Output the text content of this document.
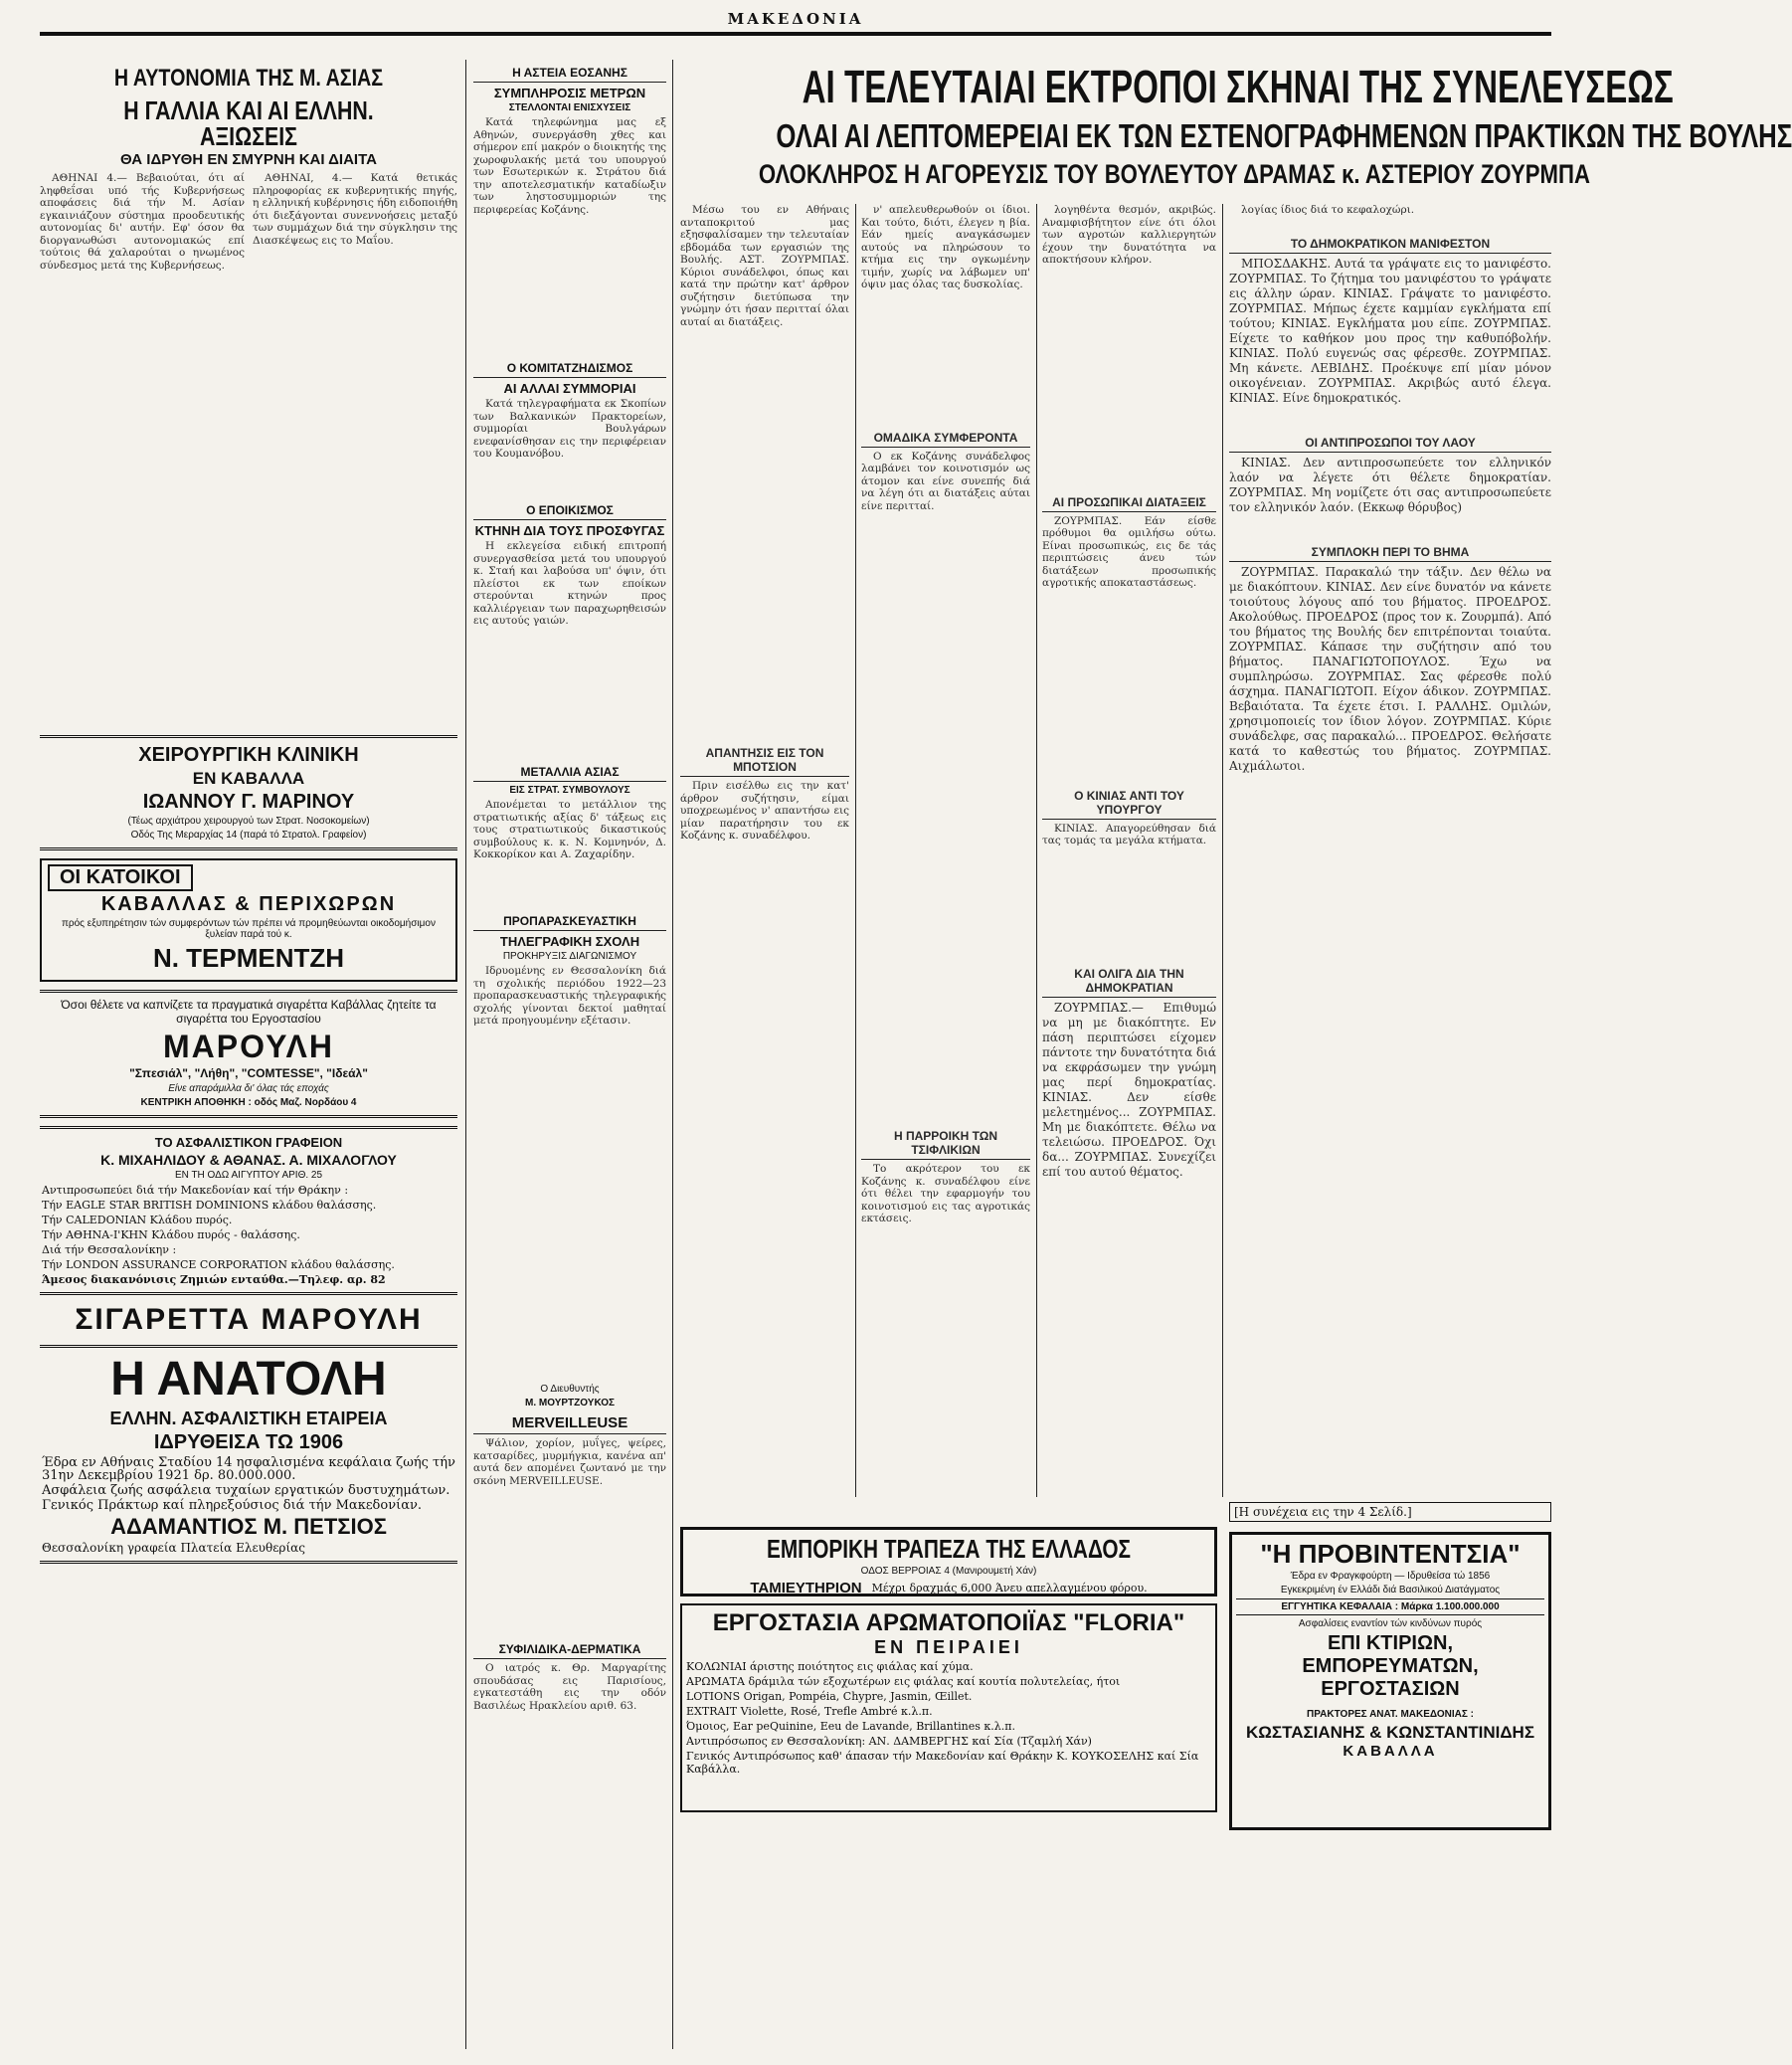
ΜΑΚΕΔΟΝΙΑ
Η ΑΥΤΟΝΟΜΙΑ ΤΗΣ Μ. ΑΣΙΑΣ
Η ΓΑΛΛΙΑ ΚΑΙ ΑΙ ΕΛΛΗΝ. ΑΞΙΩΣΕΙΣ
ΘΑ ΙΔΡΥΘΗ ΕΝ ΣΜΥΡΝΗ ΚΑΙ ΔΙΑΙΤΑ

ΑΘΗΝΑΙ 4.— Βεβαιούται, ότι αί ληφθεΐσαι υπό τής Κυβερνήσεως αποφάσεις διά τήν Μ. Ασίαν εγκαινιάζουν σύστημα προοδευτικής αυτονομίας δι' αυτήν. Εφ' όσον θα διοργανωθώσι αυτονομιακώς επί τούτοις θά χαλαρούται ο ηνωμένος σύνδεσμος μετά της Κυβερνήσεως.

ΑΘΗΝΑΙ, 4.— Κατά θετικάς πληροφορίας εκ κυβερνητικής πηγής, η ελληνική κυβέρνησις ήδη ειδοποιήθη ότι διεξάγονται συνεννοήσεις μεταξύ των συμμάχων διά την σύγκλησιν της Διασκέψεως εις το Μαΐου.

ΧΕΙΡΟΥΡΓΙΚΗ ΚΛΙΝΙΚΗ
ΕΝ ΚΑΒΑΛΛΑ
ΙΩΑΝΝΟΥ Γ. ΜΑΡΙΝΟΥ
(Τέως αρχιάτρου χειρουργού των Στρατ. Νοσοκομείων)
Οδός Της Μεραρχίας 14 (παρά τό Στρατολ. Γραφείον)
ΟΙ ΚΑΤΟΙΚΟΙ
ΚΑΒΑΛΛΑΣ & ΠΕΡΙΧΩΡΩΝ
πρός εξυπηρέτησιν τών συμφερόντων τών πρέπει νά προμηθεύωνται οικοδομήσιμον ξυλείαν παρά τού κ.
Ν. ΤΕΡΜΕΝΤΖΗ
Όσοι θέλετε να καπνίζετε τα πραγματικά σιγαρέττα Καβάλλας ζητείτε τα σιγαρέττα του Εργοστασίου
ΜΑΡΟΥΛΗ
"Σπεσιάλ", "Λήθη", "COMTESSE", "Ιδεάλ"
Είνε απαράμιλλα δι' όλας τάς εποχάς
ΚΕΝΤΡΙΚΗ ΑΠΟΘΗΚΗ : οδός Μαζ. Νορδάου 4
ΤΟ ΑΣΦΑΛΙΣΤΙΚΟΝ ΓΡΑΦΕΙΟΝ
Κ. ΜΙΧΑΗΛΙΔΟΥ & ΑΘΑΝΑΣ. Α. ΜΙΧΑΛΟΓΛΟΥ
ΕΝ ΤΗ ΟΔΩ ΑΙΓΥΠΤΟΥ ΑΡΙΘ. 25
Αντιπροσωπεύει διά τήν Μακεδονίαν καί τήν Θράκην :
Τήν EAGLE STAR BRITISH DOMINIONS κλάδου θαλάσσης.
Τήν CALEDONIAN Κλάδου πυρός.
Τήν ΑΘΗΝΑ-Ι'ΚΗΝ Κλάδου πυρός - θαλάσσης.
Διά τήν Θεσσαλονίκην :
Τήν LONDON ASSURANCE CORPORATION κλάδου θαλάσσης.
Άμεσος διακανόνισις Ζημιών ενταύθα.—Τηλεφ. αρ. 82
ΣΙΓΑΡΕΤΤΑ ΜΑΡΟΥΛΗ
Η ΑΝΑΤΟΛΗ
ΕΛΛΗΝ. ΑΣΦΑΛΙΣΤΙΚΗ ΕΤΑΙΡΕΙΑ
ΙΔΡΥΘΕΙΣΑ ΤΩ 1906
Έδρα εν Αθήναις Σταδίου 14 ησφαλισμένα κεφάλαια ζωής τήν 31ην Δεκεμβρίου 1921 δρ. 80.000.000.
Ασφάλεια ζωής ασφάλεια τυχαίων εργατικών δυστυχημάτων.
Γενικός Πράκτωρ καί πληρεξούσιος διά τήν Μακεδονίαν.
ΑΔΑΜΑΝΤΙΟΣ Μ. ΠΕΤΣΙΟΣ
Θεσσαλονίκη γραφεία Πλατεία Ελευθερίας
Η ΑΣΤΕΙΑ ΕΟΣΑΝΗΣ
ΣΥΜΠΛΗΡΟΣΙΣ ΜΕΤΡΩΝ
ΣΤΕΛΛΟΝΤΑΙ ΕΝΙΣΧΥΣΕΙΣ

Κατά τηλεφώνημα μας εξ Αθηνών, συνεργάσθη χθες και σήμερον επί μακρόν ο διοικητής της χωροφυλακής μετά του υπουργού των Εσωτερικών κ. Στράτου διά την αποτελεσματικήν καταδίωξιν των ληστοσυμμοριών της περιφερείας Κοζάνης.

Ο ΚΟΜΙΤΑΤΖΗΔΙΣΜΟΣ
ΑΙ ΑΛΛΑΙ ΣΥΜΜΟΡΙΑΙ

Κατά τηλεγραφήματα εκ Σκοπίων των Βαλκανικών Πρακτορείων, συμμορίαι Βουλγάρων ενεφανίσθησαν εις την περιφέρειαν του Κουμανόβου.

Ο ΕΠΟΙΚΙΣΜΟΣ
ΚΤΗΝΗ ΔΙΑ ΤΟΥΣ ΠΡΟΣΦΥΓΑΣ

Η εκλεγείσα ειδική επιτροπή συνεργασθείσα μετά του υπουργού κ. Σταή και λαβούσα υπ' όψιν, ότι πλείστοι εκ των εποίκων στερούνται κτηνών προς καλλιέργειαν των παραχωρηθεισών εις αυτούς γαιών.

ΜΕΤΑΛΛΙΑ ΑΣΙΑΣ
ΕΙΣ ΣΤΡΑΤ. ΣΥΜΒΟΥΛΟΥΣ

Απονέμεται το μετάλλιον της στρατιωτικής αξίας δ' τάξεως εις τους στρατιωτικούς δικαστικούς συμβούλους κ. κ. Ν. Κομνηνόν, Δ. Κοκκορίκον και Α. Ζαχαρίδην.

ΠΡΟΠΑΡΑΣΚΕΥΑΣΤΙΚΗ
ΤΗΛΕΓΡΑΦΙΚΗ ΣΧΟΛΗ
ΠΡΟΚΗΡΥΞΙΣ ΔΙΑΓΩΝΙΣΜΟΥ

Ιδρυομένης εν Θεσσαλονίκη διά τη σχολικής περιόδου 1922—23 προπαρασκευαστικής τηλεγραφικής σχολής γίνονται δεκτοί μαθηταί μετά προηγουμένην εξέτασιν.

Ο Διευθυντής
Μ. ΜΟΥΡΤΖΟΥΚΟΣ
MERVEILLEUSE

Ψάλιον, χορίον, μυΐγες, ψείρες, κατσαρίδες, μυρμήγκια, κανένα απ' αυτά δεν απομένει ζωντανό με την σκόνη MERVEILLEUSE.

ΣΥΦΙΛΙΔΙΚΑ-ΔΕΡΜΑΤΙΚΑ

Ο ιατρός κ. Θρ. Μαργαρίτης σπουδάσας εις Παρισίους, εγκατεστάθη εις την οδόν Βασιλέως Ηρακλείου αριθ. 63.

ΑΙ ΤΕΛΕΥΤΑΙΑΙ ΕΚΤΡΟΠΟΙ ΣΚΗΝΑΙ ΤΗΣ ΣΥΝΕΛΕΥΣΕΩΣ
ΟΛΑΙ ΑΙ ΛΕΠΤΟΜΕΡΕΙΑΙ ΕΚ ΤΩΝ ΕΣΤΕΝΟΓΡΑΦΗΜΕΝΩΝ ΠΡΑΚΤΙΚΩΝ ΤΗΣ ΒΟΥΛΗΣ
ΟΛΟΚΛΗΡΟΣ Η ΑΓΟΡΕΥΣΙΣ ΤΟΥ ΒΟΥΛΕΥΤΟΥ ΔΡΑΜΑΣ κ. ΑΣΤΕΡΙΟΥ ΖΟΥΡΜΠΑ

Μέσω του εν Αθήναις ανταποκριτού μας εξησφαλίσαμεν την τελευταίαν εβδομάδα των εργασιών της Βουλής. ΑΣΤ. ΖΟΥΡΜΠΑΣ. Κύριοι συνάδελφοι, όπως και κατά την πρώτην κατ' άρθρον συζήτησιν διετύπωσα την γνώμην ότι ήσαν περιτταί όλαι αυταί αι διατάξεις.

ΑΠΑΝΤΗΣΙΣ ΕΙΣ ΤΟΝ ΜΠΟΤΣΙΟΝ

Πριν εισέλθω εις την κατ' άρθρον συζήτησιν, είμαι υποχρεωμένος ν' απαντήσω εις μίαν παρατήρησιν του εκ Κοζάνης κ. συναδέλφου.

ν' απελευθερωθούν οι ίδιοι. Και τούτο, διότι, έλεγεν η βία. Εάν ημείς αναγκάσωμεν αυτούς να πληρώσουν το κτήμα εις την ογκωμένην τιμήν, χωρίς να λάβωμεν υπ' όψιν μας όλας τας δυσκολίας.

ΟΜΑΔΙΚΑ ΣΥΜΦΕΡΟΝΤΑ

Ο εκ Κοζάνης συνάδελφος λαμβάνει τον κοινοτισμόν ως άτομον και είνε συνεπής διά να λέγη ότι αι διατάξεις αύται είνε περιτταί.

Η ΠΑΡΡΟΙΚΗ ΤΩΝ ΤΣΙΦΛΙΚΙΩΝ

Το ακρότερον του εκ Κοζάνης κ. συναδέλφου είνε ότι θέλει την εφαρμογήν του κοινοτισμού εις τας αγροτικάς εκτάσεις.

λογηθέντα θεσμόν, ακριβώς. Αναμφισβήτητον είνε ότι όλοι των αγροτών καλλιεργητών έχουν την δυνατότητα να αποκτήσουν κλήρον.

ΑΙ ΠΡΟΣΩΠΙΚΑΙ ΔΙΑΤΑΞΕΙΣ

ΖΟΥΡΜΠΑΣ. Εάν είσθε πρόθυμοι θα ομιλήσω ούτω. Είναι προσωπικώς, εις δε τάς περιπτώσεις άνευ τών διατάξεων προσωπικής αγροτικής αποκαταστάσεως.

Ο ΚΙΝΙΑΣ ΑΝΤΙ ΤΟΥ ΥΠΟΥΡΓΟΥ

ΚΙΝΙΑΣ. Απαγορεύθησαν διά τας τομάς τα μεγάλα κτήματα.

ΚΑΙ ΟΛΙΓΑ ΔΙΑ ΤΗΝ ΔΗΜΟΚΡΑΤΙΑΝ

ΖΟΥΡΜΠΑΣ.— Επιθυμώ να μη με διακόπτητε. Εν πάση περιπτώσει είχομεν πάντοτε την δυνατότητα διά να εκφράσωμεν την γνώμη μας περί δημοκρατίας. ΚΙΝΙΑΣ. Δεν είσθε μελετημένος... ΖΟΥΡΜΠΑΣ. Μη με διακόπτετε. Θέλω να τελειώσω. ΠΡΟΕΔΡΟΣ. Όχι δα... ΖΟΥΡΜΠΑΣ. Συνεχίζει επί του αυτού θέματος.

λογίας ίδιος διά το κεφαλοχώρι.

ΤΟ ΔΗΜΟΚΡΑΤΙΚΟΝ ΜΑΝΙΦΕΣΤΟΝ

ΜΠΟΣΔΑΚΗΣ. Αυτά τα γράψατε εις το μανιφέστο. ΖΟΥΡΜΠΑΣ. Το ζήτημα του μανιφέστου το γράψατε εις άλλην ώραν. ΚΙΝΙΑΣ. Γράψατε το μανιφέστο. ΖΟΥΡΜΠΑΣ. Μήπως έχετε καμμίαν εγκλήματα επί τούτου; ΚΙΝΙΑΣ. Εγκλήματα μου είπε. ΖΟΥΡΜΠΑΣ. Είχετε το καθήκον μου προς την καθυπόβολήν. ΚΙΝΙΑΣ. Πολύ ευγενώς σας φέρεσθε. ΖΟΥΡΜΠΑΣ. Μη κάνετε. ΛΕΒΙΔΗΣ. Προέκυψε επί μίαν μόνον οικογένειαν. ΖΟΥΡΜΠΑΣ. Ακριβώς αυτό έλεγα. ΚΙΝΙΑΣ. Είνε δημοκρατικός.

ΟΙ ΑΝΤΙΠΡΟΣΩΠΟΙ ΤΟΥ ΛΑΟΥ

ΚΙΝΙΑΣ. Δεν αντιπροσωπεύετε τον ελληνικόν λαόν να λέγετε ότι θέλετε δημοκρατίαν. ΖΟΥΡΜΠΑΣ. Μη νομίζετε ότι σας αντιπροσωπεύετε τον ελληνικόν λαόν. (Εκκωφ θόρυβος)

ΣΥΜΠΛΟΚΗ ΠΕΡΙ ΤΟ ΒΗΜΑ

ΖΟΥΡΜΠΑΣ. Παρακαλώ την τάξιν. Δεν θέλω να με διακόπτουν. ΚΙΝΙΑΣ. Δεν είνε δυνατόν να κάνετε τοιούτους λόγους από του βήματος. ΠΡΟΕΔΡΟΣ. Ακολούθως. ΠΡΟΕΔΡΟΣ (προς τον κ. Ζουρμπά). Από του βήματος της Βουλής δεν επιτρέπονται τοιαύτα. ΖΟΥΡΜΠΑΣ. Κάπασε την συζήτησιν από του βήματος. ΠΑΝΑΓΙΩΤΟΠΟΥΛΟΣ. Έχω να συμπληρώσω. ΖΟΥΡΜΠΑΣ. Σας φέρεσθε πολύ άσχημα. ΠΑΝΑΓΙΩΤΟΠ. Είχον άδικον. ΖΟΥΡΜΠΑΣ. Βεβαιότατα. Τα έχετε έτσι. Ι. ΡΑΛΛΗΣ. Ομιλών, χρησιμοποιείς τον ίδιον λόγον. ΖΟΥΡΜΠΑΣ. Κύριε συνάδελφε, σας παρακαλώ... ΠΡΟΕΔΡΟΣ. Θελήσατε κατά το καθεστώς του βήματος. ΖΟΥΡΜΠΑΣ. Αιχμάλωτοι.

[Η συνέχεια εις την 4 Σελίδ.]
ΕΜΠΟΡΙΚΗ ΤΡΑΠΕΖΑ ΤΗΣ ΕΛΛΑΔΟΣ
ΟΔΟΣ ΒΕΡΡΟΙΑΣ 4 (Μανιρουμετή Χάν)
ΤΑΜΙΕΥΤΗΡΙΟΝ Μέχρι δραχμάς 6,000 Άνευ απελλαγμένου φόρου.
ΕΡΓΟΣΤΑΣΙΑ ΑΡΩΜΑΤΟΠΟΙΪΑΣ "FLORIA"
ΕΝ ΠΕΙΡΑΙΕΙ
ΚΟΛΩΝΙΑΙ άριστης ποιότητος εις φιάλας καί χύμα.
ΑΡΩΜΑΤΑ δράμιλα τών εξοχωτέρων εις φιάλας καί κουτία πολυτελείας, ήτοι
LOTIONS Origan, Pompéia, Chypre, Jasmin, Œillet.
EXTRAIT Violette, Rosé, Trefle Ambré κ.λ.π.
Όμοιος, Ear peQuinine, Eeu de Lavande, Brillantines κ.λ.π.
Αντιπρόσωπος εν Θεσσαλονίκη: ΑΝ. ΔΑΜΒΕΡΓΗΣ καί Σία (Τζαμλή Χάν)
Γενικός Αντιπρόσωπος καθ' άπασαν τήν Μακεδονίαν καί Θράκην Κ. ΚΟΥΚΟΣΕΛΗΣ καί Σία Καβάλλα.
"Η ΠΡΟΒΙΝΤΕΝΤΣΙΑ"
Έδρα εν Φραγκφούρτη — Ιδρυθείσα τώ 1856
Εγκεκριμένη έν Ελλάδι διά Βασιλικού Διατάγματος
ΕΓΓΥΗΤΙΚΑ ΚΕΦΑΛΑΙΑ : Μάρκα 1.100.000.000
Ασφαλίσεις εναντίον τών κινδύνων πυρός
ΕΠΙ ΚΤΙΡΙΩΝ,
ΕΜΠΟΡΕΥΜΑΤΩΝ,
ΕΡΓΟΣΤΑΣΙΩΝ
ΠΡΑΚΤΟΡΕΣ ΑΝΑΤ. ΜΑΚΕΔΟΝΙΑΣ :
ΚΩΣΤΑΣΙΑΝΗΣ & ΚΩΝΣΤΑΝΤΙΝΙΔΗΣ
ΚΑΒΑΛΛΑ
